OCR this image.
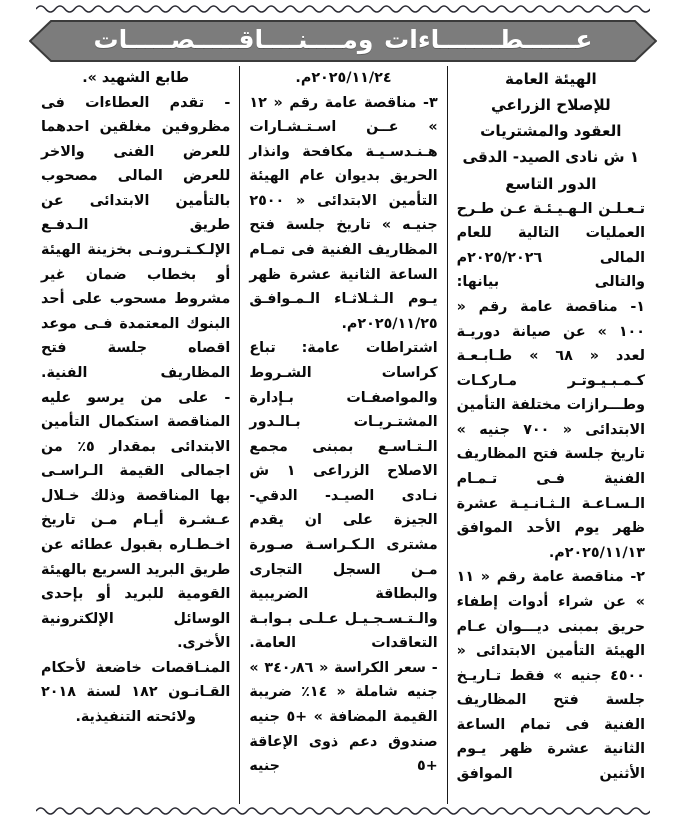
عــــــطـــــــاءات ومــــنــــاقـــــصـــــات

الهيئة العامة

للإصلاح الزراعي

العقود والمشتريات

١ ش نادى الصيد- الدقى

الدور التاسع

تـعـلـن الـهـيـئـة عـن طـرح العمليات التالية للعام المالى ٢٠٢٥/٢٠٢٦م والتالى بيانها:

١- مناقصة عامة رقم « ١٠٠ » عن صيانة دوريـة لعدد « ٦٨ » طـابـعـة كـمـبـيـوتـر مـاركـات وطـــرازات مختلفة التأمين الابتدائى « ٧٠٠ جنيه » تاريخ جلسة فتح المظاريف الفنية فـى تـمـام الـسـاعـة الـثـانـيـة عشرة ظهر يوم الأحد الموافق ٢٠٢٥/١١/١٣م.

٢- مناقصة عامة رقم « ١١ » عن شراء أدوات إطفاء حريق بمبنى ديـــوان عـام الهيئة التأمين الابتدائى « ٤٥٠٠ جنيه » فقط تـاريـخ جلسة فتح المظاريف الفنية فى تمام الساعة الثانية عشرة ظهر يـوم الأثنين الموافق

٢٠٢٥/١١/٢٤م.

٣- مناقصة عامة رقم « ١٢ » عــن اسـتـشـارات هـنـدسـيـة مكافحة وانذار الحريق بديوان عام الهيئة التأمين الابتدائى « ٢٥٠٠ جنيـه » تاريخ جلسة فتح المظاريف الفنية فى تمـام الساعة الثانية عشرة ظهر يـوم الـثـلاثـاء الـمـوافـق ٢٠٢٥/١١/٢٥م.

اشتراطات عامة: تباع كراسات الشـروط والمواصفـات بـإدارة المشتـريـات بـالـدور الـتـاسـع بمبنى مجمع الاصلاح الزراعى ١ ش نـادى الصيـد- الدقي- الجيزة على ان يقدم مشترى الـكـراسـة صـورة مـن السجل التجارى والبطاقة الضريبية والـتـسـجـيـل عـلـى بـوابـة التعاقدات العامة.

- سعر الكراسة « ٣٤٠٫٨٦ » جنيه شاملة « ١٤٪ ضريبة القيمة المضافة » +٥ جنيه صندوق دعم ذوى الإعاقة +٥ جنيه

طابع الشهيد ».

- تقدم العطاءات فى مظروفين مغلقين احدهما للعرض الفنى والاخر للعرض المالى مصحوب بالتأمين الابتدائى عن طريق الـدفـع الإلـكـتـرونـى بخزينة الهيئة أو بخطاب ضمان غير مشروط مسحوب على أحد البنوك المعتمدة فـى موعد اقصاه جلسة فتح المظاريف الفنية.

- على من يرسو عليه المناقصة استكمال التأمين الابتدائى بمقدار ٥٪ من اجمالى القيمة الـراسـى بها المناقصة وذلك خـلال عـشـرة أيـام مـن تاريخ اخـطـاره بقبول عطائه عن طريق البريد السريع بالهيئة القومية للبريد أو بإحدى الوسائل الإلكترونية الأخرى.

المنـاقصات خاضعة لأحكام القـانـون ١٨٢ لسنة ٢٠١٨ ولائحته التنفيذية.
